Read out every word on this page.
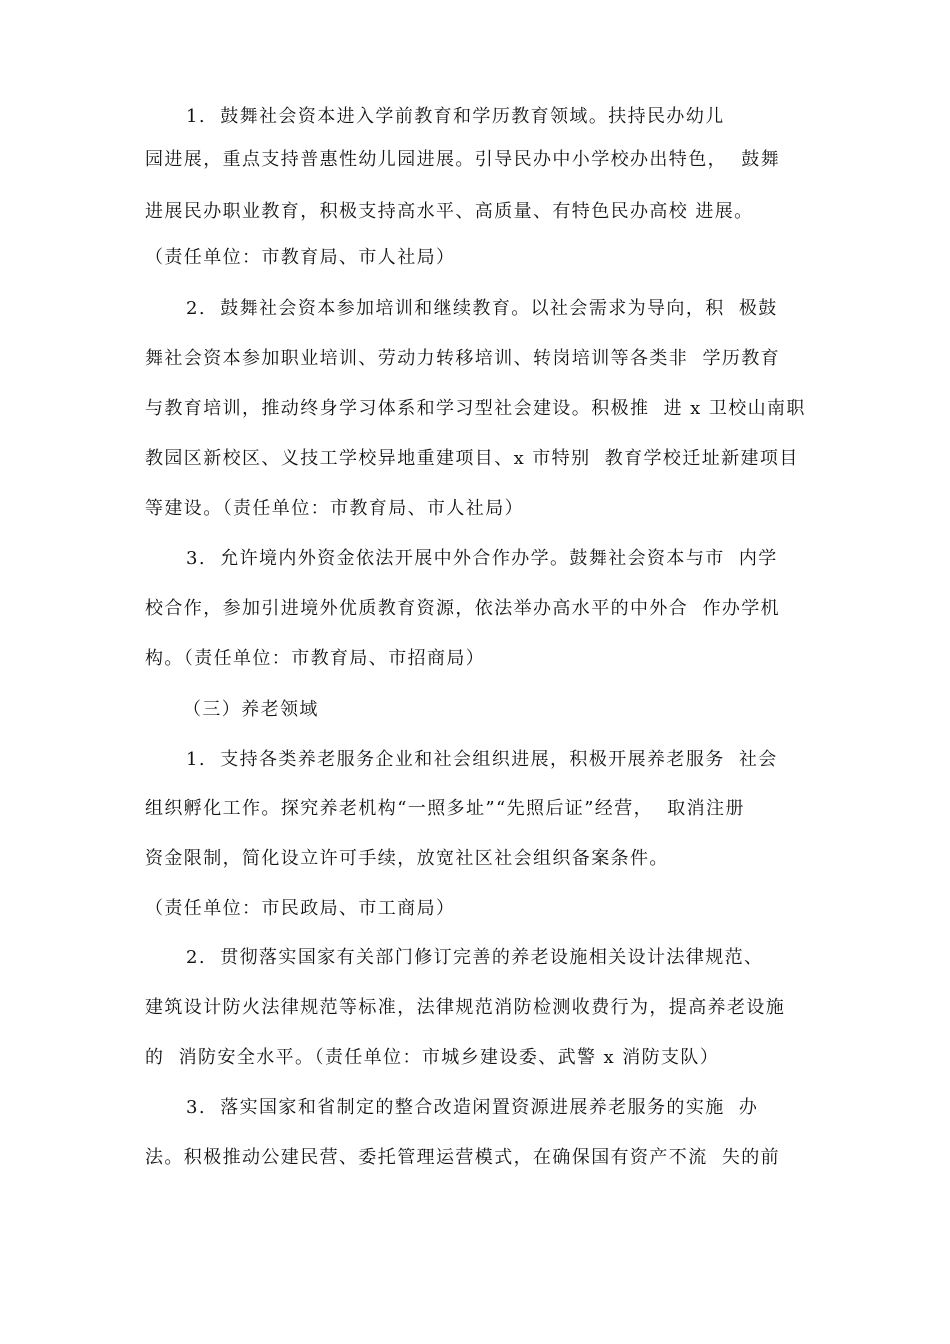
1.  鼓舞社会资本进入学前教育和学历教育领域。扶持民办幼儿
园进展，重点支持普惠性幼儿园进展。引导民办中小学校办出特色，  鼓舞
进展民办职业教育，积极支持高水平、高质量、有特色民办高校 进展。
（责任单位：市教育局、市人社局）
2.  鼓舞社会资本参加培训和继续教育。以社会需求为导向，积  极鼓
舞社会资本参加职业培训、劳动力转移培训、转岗培训等各类非  学历教育
与教育培训，推动终身学习体系和学习型社会建设。积极推  进 x 卫校山南职
教园区新校区、义技工学校异地重建项目、x 市特别  教育学校迁址新建项目
等建设。（责任单位：市教育局、市人社局）
3.  允许境内外资金依法开展中外合作办学。鼓舞社会资本与市  内学
校合作，参加引进境外优质教育资源，依法举办高水平的中外合  作办学机
构。（责任单位：市教育局、市招商局）
（三）养老领域
1.  支持各类养老服务企业和社会组织进展，积极开展养老服务  社会
组织孵化工作。探究养老机构“一照多址”“先照后证”经营，  取消注册
资金限制，简化设立许可手续，放宽社区社会组织备案条件。
（责任单位：市民政局、市工商局）
2.  贯彻落实国家有关部门修订完善的养老设施相关设计法律规范、
建筑设计防火法律规范等标准，法律规范消防检测收费行为，提高养老设施
的  消防安全水平。（责任单位：市城乡建设委、武警 x 消防支队）
3.  落实国家和省制定的整合改造闲置资源进展养老服务的实施  办
法。积极推动公建民营、委托管理运营模式，在确保国有资产不流  失的前
